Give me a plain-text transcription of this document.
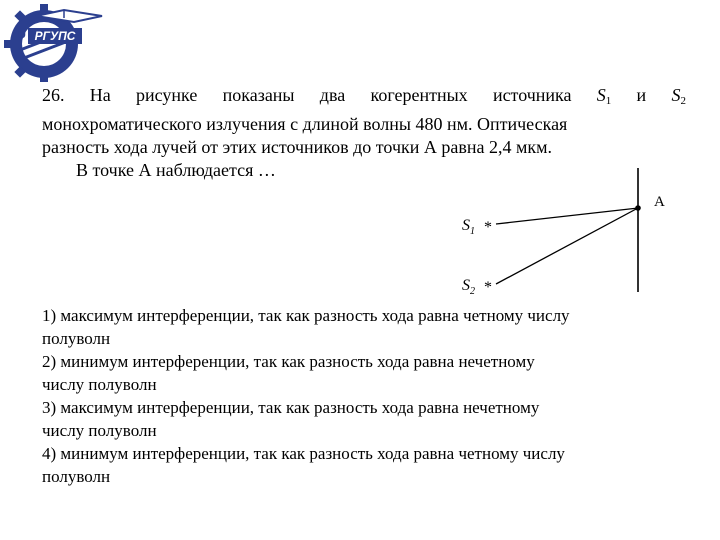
РГУПС
U
26. На рисунке показаны два когерентных источника $S_1$ и $S_2$
монохроматического излучения с длиной волны 480 нм. Оптическая
разность хода лучей от этих источников до точки А равна 2,4 мкм.
В точке А наблюдается …
A
$S_1$ *
$S_2$ *
1) максимум интерференции, так как разность хода равна четному числу
полуволн
2) минимум интерференции, так как разность хода равна нечетному
числу полуволн
3) максимум интерференции, так как разность хода равна нечетному
числу полуволн
4) минимум интерференции, так как разность хода равна четному числу
полуволн
